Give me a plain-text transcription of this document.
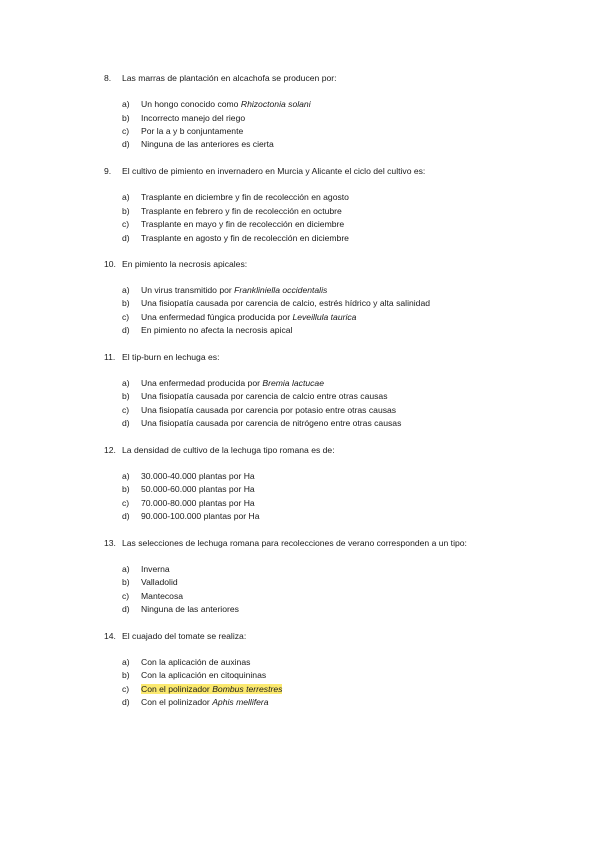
8. Las marras de plantación en alcachofa se producen por:
a) Un hongo conocido como Rhizoctonia solani
b) Incorrecto manejo del riego
c) Por la a y b conjuntamente
d) Ninguna de las anteriores es cierta
9. El cultivo de pimiento en invernadero en Murcia y Alicante el ciclo del cultivo es:
a) Trasplante en diciembre y fin de recolección en agosto
b) Trasplante en febrero y fin de recolección en octubre
c) Trasplante en mayo y fin de recolección en diciembre
d) Trasplante en agosto y fin de recolección en diciembre
10. En pimiento la necrosis apicales:
a) Un virus transmitido por Frankliniella occidentalis
b) Una fisiopatía causada por carencia de calcio, estrés hídrico y alta salinidad
c) Una enfermedad fúngica producida por Leveillula taurica
d) En pimiento no afecta la necrosis apical
11. El tip-burn en lechuga es:
a) Una enfermedad producida por Bremia lactucae
b) Una fisiopatía causada por carencia de calcio entre otras causas
c) Una fisiopatía causada por carencia por potasio entre otras causas
d) Una fisiopatía causada por carencia de nitrógeno entre otras causas
12. La densidad de cultivo de la lechuga tipo romana es de:
a) 30.000-40.000 plantas por Ha
b) 50.000-60.000 plantas por Ha
c) 70.000-80.000 plantas por Ha
d) 90.000-100.000 plantas por Ha
13. Las selecciones de lechuga romana para recolecciones de verano corresponden a un tipo:
a) Inverna
b) Valladolid
c) Mantecosa
d) Ninguna de las anteriores
14. El cuajado del tomate se realiza:
a) Con la aplicación de auxinas
b) Con la aplicación en citoquininas
c) Con el polinizador Bombus terrestres
d) Con el polinizador Aphis mellifera
